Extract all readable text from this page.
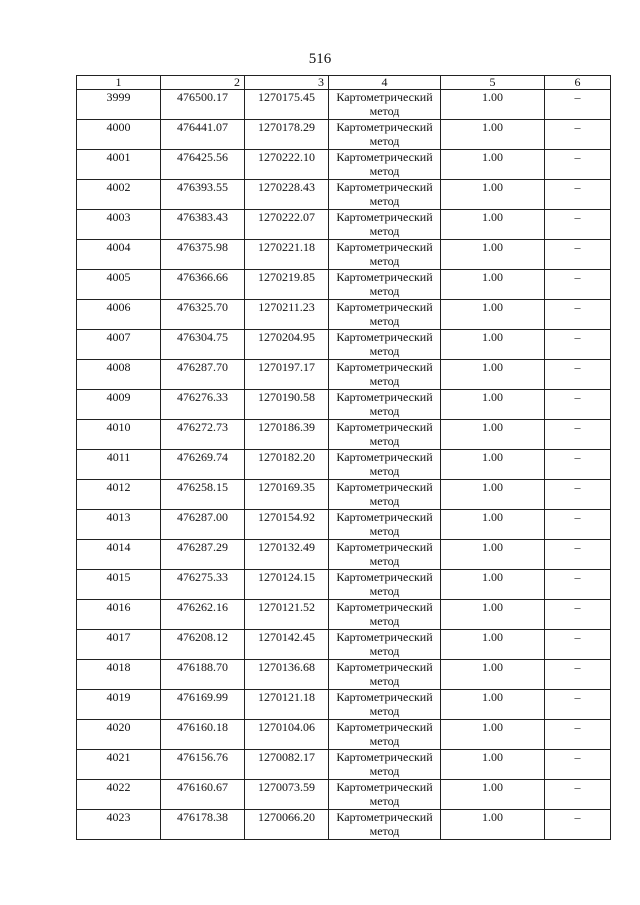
516
1	2	3	4	5	6
3999	476500.17	1270175.45	Картометрический метод	1.00	–
4000	476441.07	1270178.29	Картометрический метод	1.00	–
4001	476425.56	1270222.10	Картометрический метод	1.00	–
4002	476393.55	1270228.43	Картометрический метод	1.00	–
4003	476383.43	1270222.07	Картометрический метод	1.00	–
4004	476375.98	1270221.18	Картометрический метод	1.00	–
4005	476366.66	1270219.85	Картометрический метод	1.00	–
4006	476325.70	1270211.23	Картометрический метод	1.00	–
4007	476304.75	1270204.95	Картометрический метод	1.00	–
4008	476287.70	1270197.17	Картометрический метод	1.00	–
4009	476276.33	1270190.58	Картометрический метод	1.00	–
4010	476272.73	1270186.39	Картометрический метод	1.00	–
4011	476269.74	1270182.20	Картометрический метод	1.00	–
4012	476258.15	1270169.35	Картометрический метод	1.00	–
4013	476287.00	1270154.92	Картометрический метод	1.00	–
4014	476287.29	1270132.49	Картометрический метод	1.00	–
4015	476275.33	1270124.15	Картометрический метод	1.00	–
4016	476262.16	1270121.52	Картометрический метод	1.00	–
4017	476208.12	1270142.45	Картометрический метод	1.00	–
4018	476188.70	1270136.68	Картометрический метод	1.00	–
4019	476169.99	1270121.18	Картометрический метод	1.00	–
4020	476160.18	1270104.06	Картометрический метод	1.00	–
4021	476156.76	1270082.17	Картометрический метод	1.00	–
4022	476160.67	1270073.59	Картометрический метод	1.00	–
4023	476178.38	1270066.20	Картометрический метод	1.00	–
